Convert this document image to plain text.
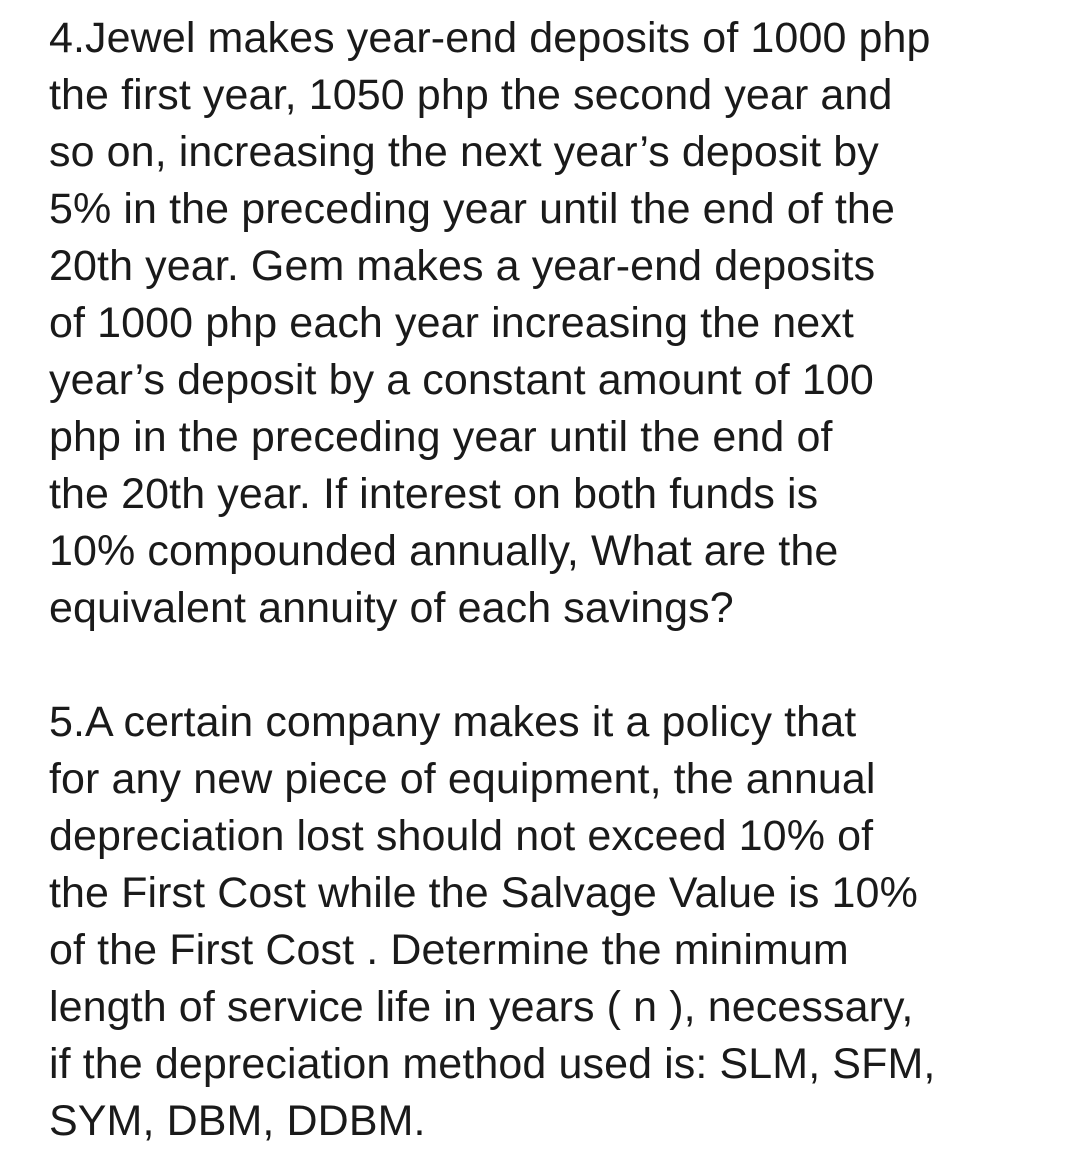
4.Jewel makes year-end deposits of 1000 php
the first year, 1050 php the second year and
so on, increasing the next year’s deposit by
5% in the preceding year until the end of the
20th year. Gem makes a year-end deposits
of 1000 php each year increasing the next
year’s deposit by a constant amount of 100
php in the preceding year until the end of
the 20th year. If interest on both funds is
10% compounded annually, What are the
equivalent annuity of each savings?
5.A certain company makes it a policy that
for any new piece of equipment, the annual
depreciation lost should not exceed 10% of
the First Cost while the Salvage Value is 10%
of the First Cost . Determine the minimum
length of service life in years ( n ), necessary,
if the depreciation method used is: SLM, SFM,
SYM, DBM, DDBM.
